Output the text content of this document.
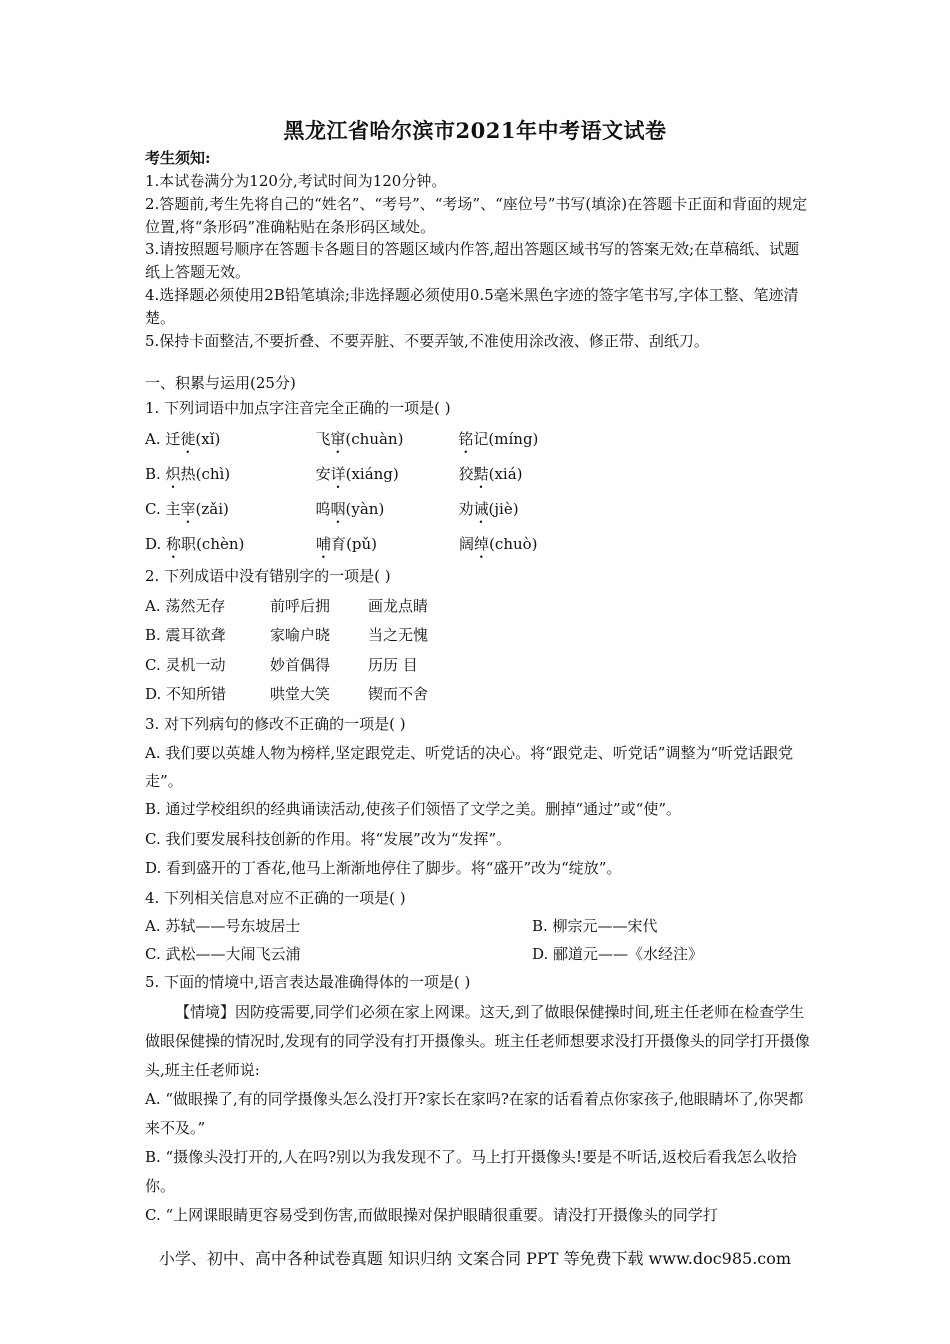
黑龙江省哈尔滨市2021年中考语文试卷
考生须知:

1.本试卷满分为120分,考试时间为120分钟。

2.答题前,考生先将自己的“姓名”、“考号”、“考场”、“座位号”书写(填涂)在答题卡正面和背面的规定位置,将“条形码”准确粘贴在条形码区域处。

3.请按照题号顺序在答题卡各题目的答题区域内作答,超出答题区域书写的答案无效;在草稿纸、试题纸上答题无效。

4.选择题必须使用2B铅笔填涂;非选择题必须使用0.5毫米黑色字迹的签字笔书写,字体工整、笔迹清楚。

5.保持卡面整洁,不要折叠、不要弄脏、不要弄皱,不准使用涂改液、修正带、刮纸刀。

一、积累与运用(25分)
1. 下列词语中加点字注音完全正确的一项是( )
A. 迁徙(xǐ)	飞窜(chuàn)	铭记(míng)
B. 炽热(chì)	安详(xiáng)	狡黠(xiá)
C. 主宰(zǎi)	呜咽(yàn)	劝诫(jiè)
D. 称职(chèn)	哺育(pǔ)	阔绰(chuò)
2. 下列成语中没有错别字的一项是( )
A. 荡然无存	前呼后拥	画龙点睛
B. 震耳欲聋	家喻户晓	当之无愧
C. 灵机一动	妙首偶得	历历 目
D. 不知所错	哄堂大笑	锲而不舍
3. 对下列病句的修改不正确的一项是( )
A. 我们要以英雄人物为榜样,坚定跟党走、听党话的决心。将“跟党走、听党话”调整为“听党话跟党走”。
B. 通过学校组织的经典诵读活动,使孩子们领悟了文学之美。删掉“通过”或“使”。
C. 我们要发展科技创新的作用。将“发展”改为“发挥”。
D. 看到盛开的丁香花,他马上渐渐地停住了脚步。将“盛开”改为“绽放”。
4. 下列相关信息对应不正确的一项是( )
A. 苏轼——号东坡居士	B. 柳宗元——宋代
C. 武松——大闹飞云浦	D. 郦道元——《水经注》
5. 下面的情境中,语言表达最准确得体的一项是( )
【情境】因防疫需要,同学们必须在家上网课。这天,到了做眼保健操时间,班主任老师在检查学生做眼保健操的情况时,发现有的同学没有打开摄像头。班主任老师想要求没打开摄像头的同学打开摄像头,班主任老师说:
A. “做眼操了,有的同学摄像头怎么没打开?家长在家吗?在家的话看着点你家孩子,他眼睛坏了,你哭都来不及。”
B. “摄像头没打开的,人在吗?别以为我发现不了。马上打开摄像头!要是不听话,返校后看我怎么收拾你。
C. “上网课眼睛更容易受到伤害,而做眼操对保护眼睛很重要。请没打开摄像头的同学打
小学、初中、高中各种试卷真题 知识归纳 文案合同 PPT 等免费下载 www.doc985.com
